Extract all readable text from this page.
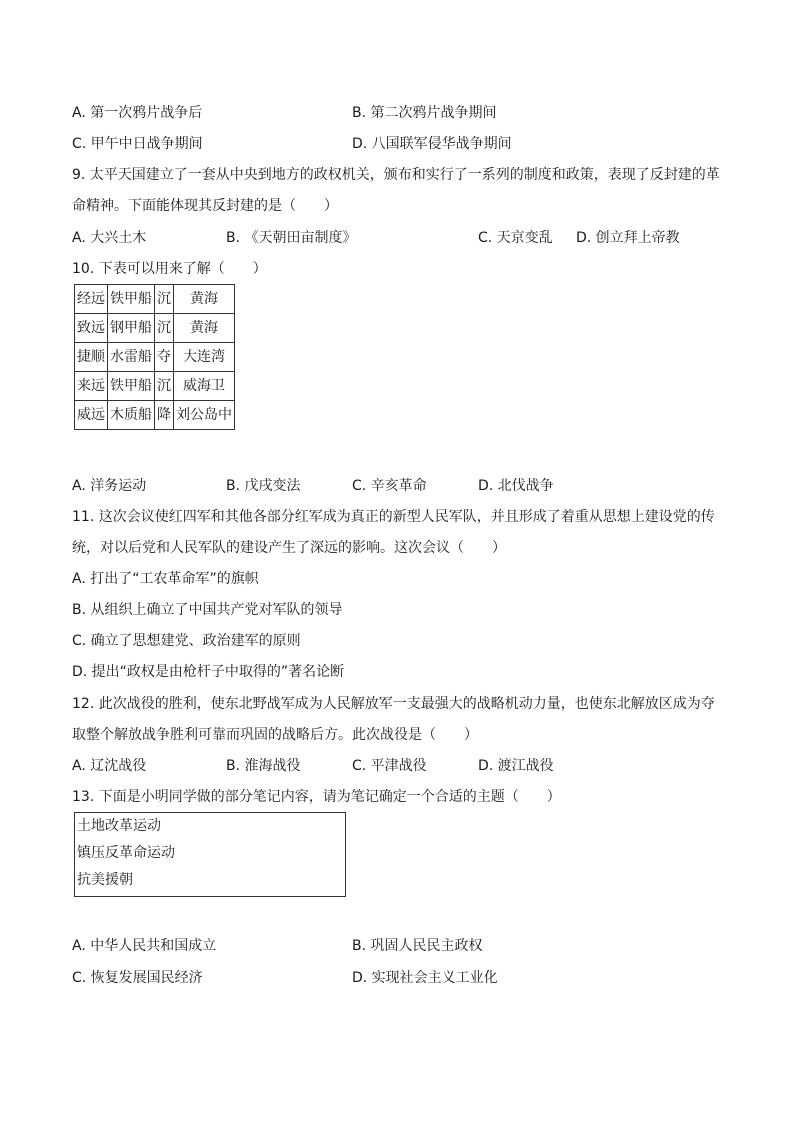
A. 第一次鸦片战争后	B. 第二次鸦片战争期间
C. 甲午中日战争期间	D. 八国联军侵华战争期间
9. 太平天国建立了一套从中央到地方的政权机关，颁布和实行了一系列的制度和政策，表现了反封建的革
命精神。下面能体现其反封建的是（　　）
A. 大兴土木	B. 《天朝田亩制度》	C. 天京变乱 D. 创立拜上帝教
10. 下表可以用来了解（　　）
经远	铁甲船	沉	黄海
致远	钢甲船	沉	黄海
捷顺	水雷船	夺	大连湾
来远	铁甲船	沉	威海卫
威远	木质船	降	刘公岛中
A. 洋务运动	B. 戊戌变法	C. 辛亥革命	D. 北伐战争
11. 这次会议使红四军和其他各部分红军成为真正的新型人民军队，并且形成了着重从思想上建设党的传
统，对以后党和人民军队的建设产生了深远的影响。这次会议（　　）
A. 打出了“工农革命军”的旗帜
B. 从组织上确立了中国共产党对军队的领导
C. 确立了思想建党、政治建军的原则
D. 提出“政权是由枪杆子中取得的”著名论断
12. 此次战役的胜利，使东北野战军成为人民解放军一支最强大的战略机动力量，也使东北解放区成为夺
取整个解放战争胜利可靠而巩固的战略后方。此次战役是（　　）
A. 辽沈战役	B. 淮海战役	C. 平津战役	D. 渡江战役
13. 下面是小明同学做的部分笔记内容，请为笔记确定一个合适的主题（　　）
土地改革运动
镇压反革命运动
抗美援朝
A. 中华人民共和国成立	B. 巩固人民民主政权
C. 恢复发展国民经济	D. 实现社会主义工业化
